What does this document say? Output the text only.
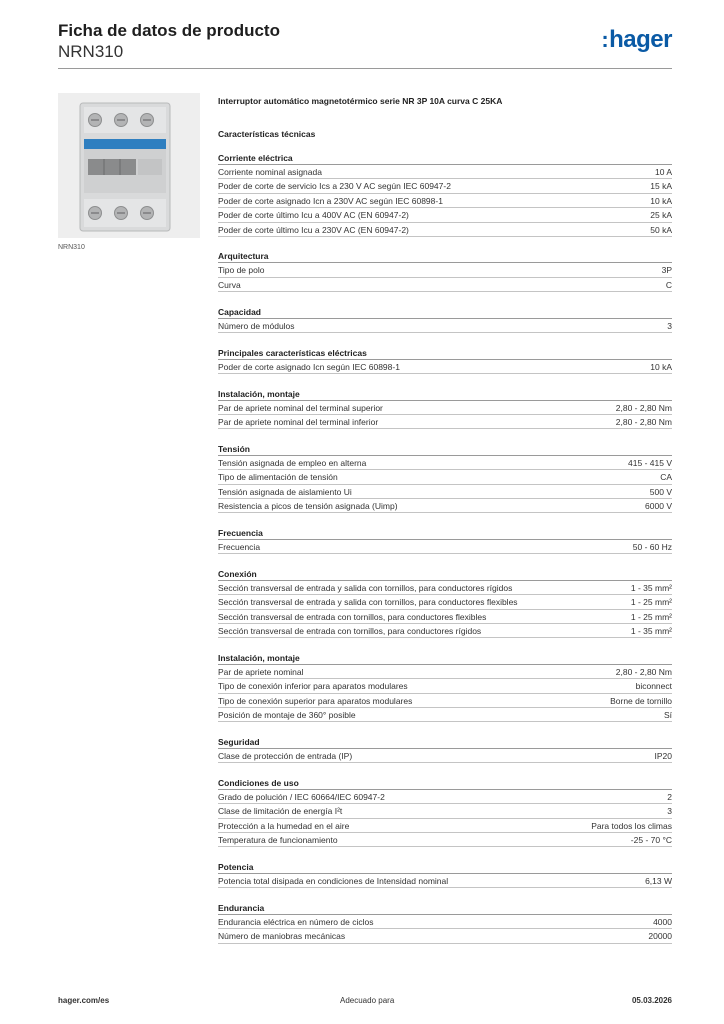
Ficha de datos de producto
NRN310	:hager
NRN310
Interruptor automático magnetotérmico serie NR 3P 10A curva C 25KA
Características técnicas
Corriente eléctrica
Corriente nominal asignada	10 A
Poder de corte de servicio Ics a 230 V AC según IEC 60947-2	15 kA
Poder de corte asignado Icn a 230V AC según IEC 60898-1	10 kA
Poder de corte último Icu a 400V AC (EN 60947-2)	25 kA
Poder de corte último Icu a 230V AC (EN 60947-2)	50 kA
Arquitectura
Tipo de polo	3P
Curva	C
Capacidad
Número de módulos	3
Principales características eléctricas
Poder de corte asignado Icn según IEC 60898-1	10 kA
Instalación, montaje
Par de apriete nominal del terminal superior	2,80 - 2,80 Nm
Par de apriete nominal del terminal inferior	2,80 - 2,80 Nm
Tensión
Tensión asignada de empleo en alterna	415 - 415 V
Tipo de alimentación de tensión	CA
Tensión asignada de aislamiento Ui	500 V
Resistencia a picos de tensión asignada (Uimp)	6000 V
Frecuencia
Frecuencia	50 - 60 Hz
Conexión
Sección transversal de entrada y salida con tornillos, para conductores rígidos	1 - 35 mm²
Sección transversal de entrada y salida con tornillos, para conductores flexibles	1 - 25 mm²
Sección transversal de entrada con tornillos, para conductores flexibles	1 - 25 mm²
Sección transversal de entrada con tornillos, para conductores rígidos	1 - 35 mm²
Instalación, montaje
Par de apriete nominal	2,80 - 2,80 Nm
Tipo de conexión inferior para aparatos modulares	biconnect
Tipo de conexión superior para aparatos modulares	Borne de tornillo
Posición de montaje de 360° posible	Sí
Seguridad
Clase de protección de entrada (IP)	IP20
Condiciones de uso
Grado de polución / IEC 60664/IEC 60947-2	2
Clase de limitación de energía I²t	3
Protección a la humedad en el aire	Para todos los climas
Temperatura de funcionamiento	-25 - 70 °C
Potencia
Potencia total disipada en condiciones de Intensidad nominal	6,13 W
Endurancia
Endurancia eléctrica en número de ciclos	4000
Número de maniobras mecánicas	20000
hager.com/es	Adecuado para	05.03.2026
